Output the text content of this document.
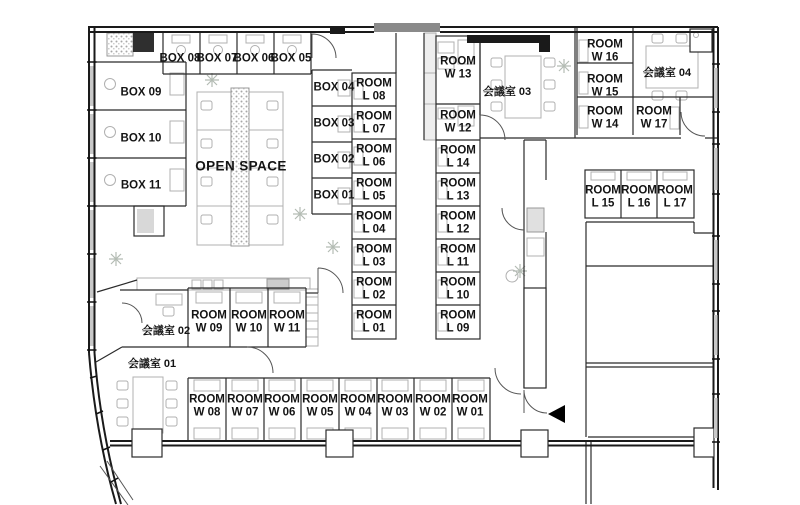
OPEN SPACE
BOX 08
BOX 07
BOX 06
BOX 05
BOX 09
BOX 10
BOX 11
BOX 04
BOX 03
BOX 02
BOX 01
会議室 03
会議室 04
会議室 02
会議室 01
ROOM
L 08
ROOM
L 07
ROOM
L 06
ROOM
L 05
ROOM
L 04
ROOM
L 03
ROOM
L 02
ROOM
L 01
ROOM
W 13
ROOM
W 12
ROOM
L 14
ROOM
L 13
ROOM
L 12
ROOM
L 11
ROOM
L 10
ROOM
L 09
ROOM
W 16
ROOM
W 15
ROOM
W 14
ROOM
W 17
ROOM
L 15
ROOM
L 16
ROOM
L 17
ROOM
W 09
ROOM
W 10
ROOM
W 11
ROOM
W 08
ROOM
W 07
ROOM
W 06
ROOM
W 05
ROOM
W 04
ROOM
W 03
ROOM
W 02
ROOM
W 01
